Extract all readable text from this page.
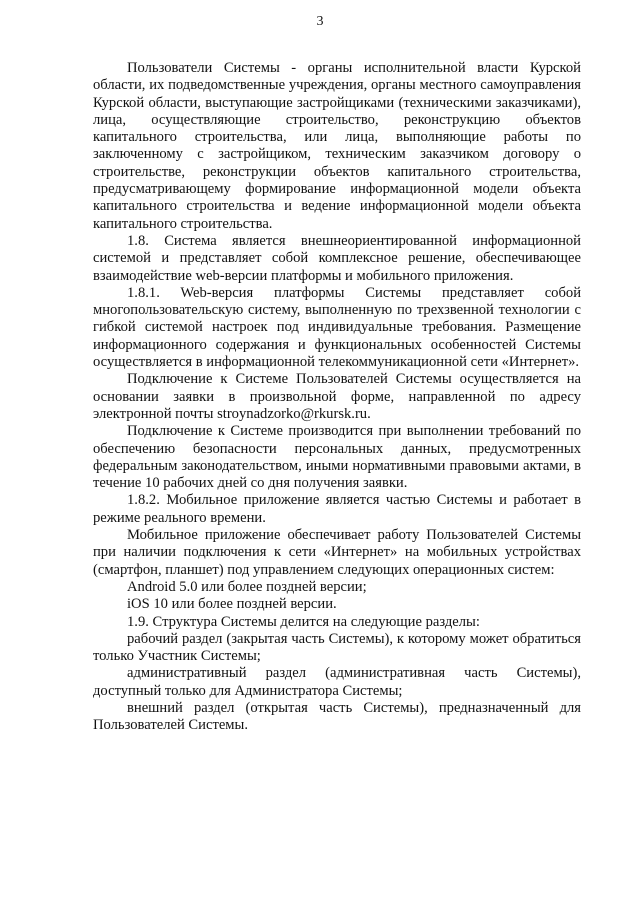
3

Пользователи Системы - органы исполнительной власти Курской области, их подведомственные учреждения, органы местного самоуправления Курской области, выступающие застройщиками (техническими заказчиками), лица, осуществляющие строительство, реконструкцию объектов капитального строительства, или лица, выполняющие работы по заключенному с застройщиком, техническим заказчиком договору о строительстве, реконструкции объектов капитального строительства, предусматривающему формирование информационной модели объекта капитального строительства и ведение информационной модели объекта капитального строительства.

1.8. Система является внешнеориентированной информационной системой и представляет собой комплексное решение, обеспечивающее взаимодействие web-версии платформы и мобильного приложения.

1.8.1. Web-версия платформы Системы представляет собой многопользовательскую систему, выполненную по трехзвенной технологии с гибкой системой настроек под индивидуальные требования. Размещение информационного содержания и функциональных особенностей Системы осуществляется в информационной телекоммуникационной сети «Интернет».

Подключение к Системе Пользователей Системы осуществляется на основании заявки в произвольной форме, направленной по адресу электронной почты stroynadzorko@rkursk.ru.

Подключение к Системе производится при выполнении требований по обеспечению безопасности персональных данных, предусмотренных федеральным законодательством, иными нормативными правовыми актами, в течение 10 рабочих дней со дня получения заявки.

1.8.2. Мобильное приложение является частью Системы и работает в режиме реального времени.

Мобильное приложение обеспечивает работу Пользователей Системы при наличии подключения к сети «Интернет» на мобильных устройствах (смартфон, планшет) под управлением следующих операционных систем:

Android 5.0 или более поздней версии;

iOS 10 или более поздней версии.

1.9. Структура Системы делится на следующие разделы:

рабочий раздел (закрытая часть Системы), к которому может обратиться только Участник Системы;

административный раздел (административная часть Системы), доступный только для Администратора Системы;

внешний раздел (открытая часть Системы), предназначенный для Пользователей Системы.
